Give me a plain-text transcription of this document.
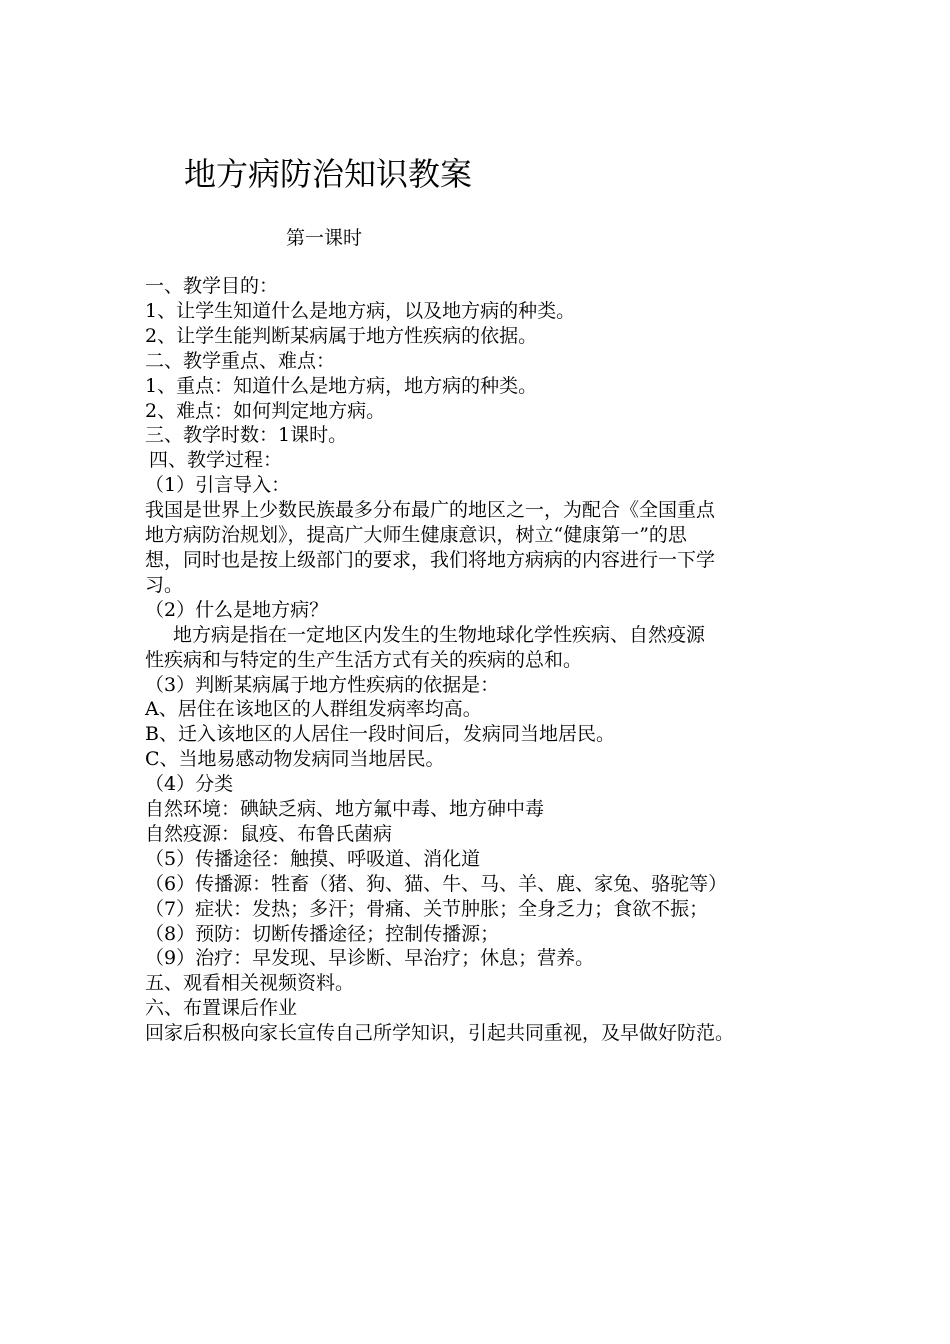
地方病防治知识教案
第一课时
一、教学目的：
1、让学生知道什么是地方病，以及地方病的种类。
2、让学生能判断某病属于地方性疾病的依据。
二、教学重点、难点：
1、重点：知道什么是地方病，地方病的种类。
2、难点：如何判定地方病。
三、教学时数：1课时。
四、教学过程：
（1）引言导入：
我国是世界上少数民族最多分布最广的地区之一，为配合《全国重点
地方病防治规划》，提高广大师生健康意识，树立“健康第一”的思
想，同时也是按上级部门的要求，我们将地方病病的内容进行一下学
习。
（2）什么是地方病？
地方病是指在一定地区内发生的生物地球化学性疾病、自然疫源
性疾病和与特定的生产生活方式有关的疾病的总和。
（3）判断某病属于地方性疾病的依据是：
A、居住在该地区的人群组发病率均高。
B、迁入该地区的人居住一段时间后，发病同当地居民。
C、当地易感动物发病同当地居民。
（4）分类
自然环境：碘缺乏病、地方氟中毒、地方砷中毒
自然疫源：鼠疫、布鲁氏菌病
（5）传播途径：触摸、呼吸道、消化道
（6）传播源：牲畜（猪、狗、猫、牛、马、羊、鹿、家兔、骆驼等）
（7）症状：发热；多汗；骨痛、关节肿胀；全身乏力；食欲不振；
（8）预防：切断传播途径；控制传播源；
（9）治疗：早发现、早诊断、早治疗；休息；营养。
五、观看相关视频资料。
六、布置课后作业
回家后积极向家长宣传自己所学知识，引起共同重视，及早做好防范。
